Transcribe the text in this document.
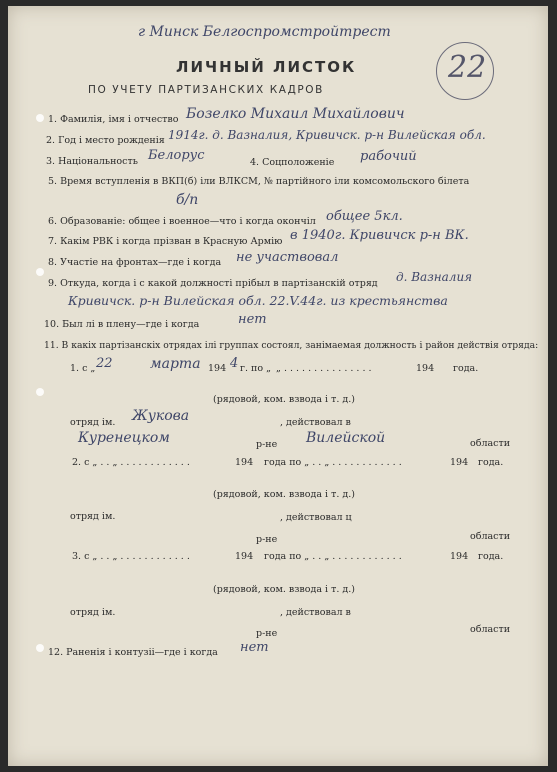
г Минск Белгоспромстройтрест
ЛИЧНЫЙ ЛИСТОК
ПО УЧЕТУ ПАРТИЗАНСКИХ КАДРОВ
22
1. Фамилія, імя і отчество Бозелко Михаил Михайлович
2. Год і место рожденія 1914г. д. Вазналия, Кривичск. р-н Вилейская обл.
3. Національность Белорус	4. Соцположеніе рабочий
5. Время вступленія в ВКП(б) іли ВЛКСМ, № партійного іли комсомольского білета
б/п
6. Образованіе: общее і военное—что і когда окончіл общее 5кл.
7. Какім РВК і когда прізван в Красную Армію в 1940г. Кривичск р-н ВК.
8. Участіе на фронтах—где і когда не участвовал
9. Откуда, когда і с какой должності прібыл в партізанскій отряд д. Вазналия
Кривичск. р-н Вилейская обл. 22.V.44г. из крестьянства
10. Был лі в плену—где і когда	нет
11. В какіх партізанскіх отрядах ілі группах состоял, занімаемая должность і район действія отряда:
1. с „ 22	марта 194 4 г. по „ „ . . . . . . . . . . . . . . .	194 года.
(рядовой, ком. взвода і т. д.)
отряд ім. Жукова	, действовал в
Куренецком	р-не Вилейской	области
2. с „ . . „ . . . . . . . . . . . .	194 года по „ . . „ . . . . . . . . . . . .	194 года.
(рядовой, ком. взвода і т. д.)
отряд ім.	, действовал ц
р-не	области
3. с „ . . „ . . . . . . . . . . . .	194 года по „ . . „ . . . . . . . . . . . .	194 года.
(рядовой, ком. взвода і т. д.)
отряд ім.	, действовал в
р-не	области
12. Раненія і контузіі—где і когда нет
